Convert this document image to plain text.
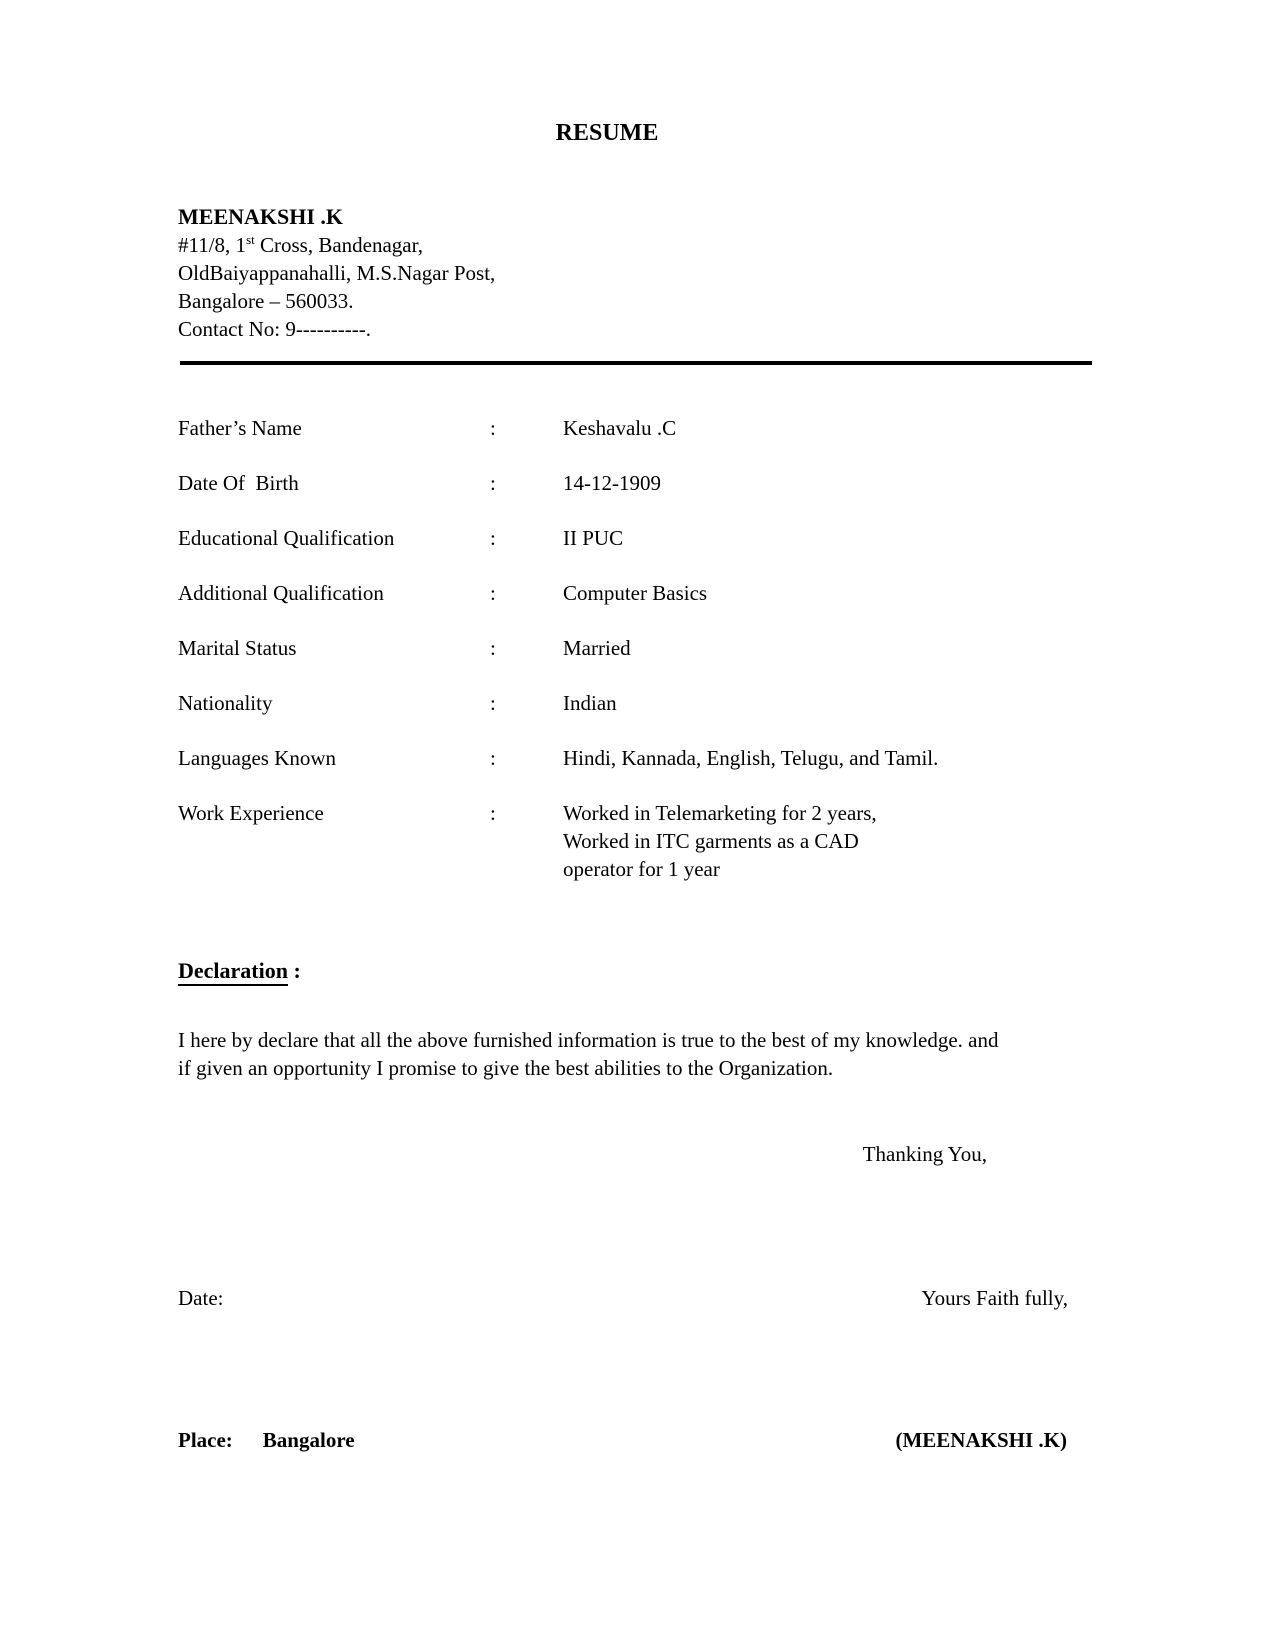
RESUME
MEENAKSHI .K
#11/8, 1st Cross, Bandenagar,
OldBaiyappanahalli, M.S.Nagar Post,
Bangalore – 560033.
Contact No: 9----------.
Father’s Name	:	Keshavalu .C
Date Of  Birth	:	14-12-1909
Educational Qualification	:	II PUC
Additional Qualification	:	Computer Basics
Marital Status	:	Married
Nationality	:	Indian
Languages Known	:	Hindi, Kannada, English, Telugu, and Tamil.
Work Experience	:	Worked in Telemarketing for 2 years,
Worked in ITC garments as a CAD
operator for 1 year
Declaration :
I here by declare that all the above furnished information is true to the best of my knowledge. and if given an opportunity I promise to give the best abilities to the Organization.
Thanking You,
Date:	Yours Faith fully,
Place: Bangalore	(MEENAKSHI .K)
